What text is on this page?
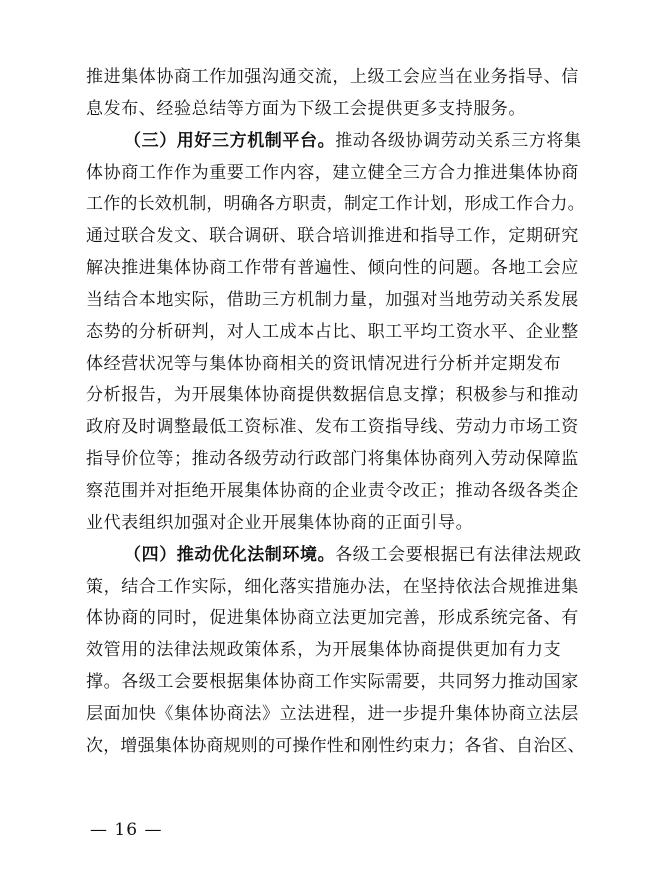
推进集体协商工作加强沟通交流，上级工会应当在业务指导、信
息发布、经验总结等方面为下级工会提供更多支持服务。
（三）用好三方机制平台。推动各级协调劳动关系三方将集
体协商工作作为重要工作内容，建立健全三方合力推进集体协商
工作的长效机制，明确各方职责，制定工作计划，形成工作合力。
通过联合发文、联合调研、联合培训推进和指导工作，定期研究
解决推进集体协商工作带有普遍性、倾向性的问题。各地工会应
当结合本地实际，借助三方机制力量，加强对当地劳动关系发展
态势的分析研判，对人工成本占比、职工平均工资水平、企业整
体经营状况等与集体协商相关的资讯情况进行分析并定期发布
分析报告，为开展集体协商提供数据信息支撑；积极参与和推动
政府及时调整最低工资标准、发布工资指导线、劳动力市场工资
指导价位等；推动各级劳动行政部门将集体协商列入劳动保障监
察范围并对拒绝开展集体协商的企业责令改正；推动各级各类企
业代表组织加强对企业开展集体协商的正面引导。
（四）推动优化法制环境。各级工会要根据已有法律法规政
策，结合工作实际，细化落实措施办法，在坚持依法合规推进集
体协商的同时，促进集体协商立法更加完善，形成系统完备、有
效管用的法律法规政策体系，为开展集体协商提供更加有力支
撑。各级工会要根据集体协商工作实际需要，共同努力推动国家
层面加快《集体协商法》立法进程，进一步提升集体协商立法层
次，增强集体协商规则的可操作性和刚性约束力；各省、自治区、
— 16 —
